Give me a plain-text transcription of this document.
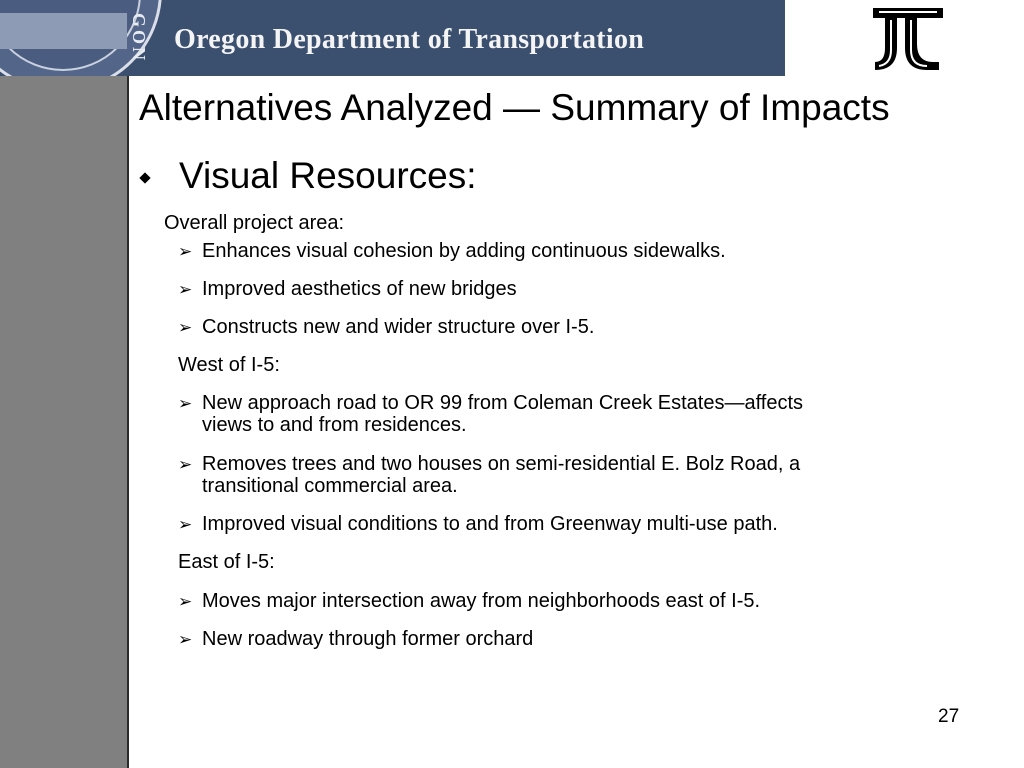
GON Oregon Department of Transportation
Alternatives Analyzed — Summary of Impacts
Visual Resources:
Overall project area:
➢ Enhances visual cohesion by adding continuous sidewalks.
➢ Improved aesthetics of new bridges
➢ Constructs new and wider structure over I-5.
West of I-5:
➢ New approach road to OR 99 from Coleman Creek Estates—affects
views to and from residences.
➢ Removes trees and two houses on semi-residential E. Bolz Road, a
transitional commercial area.
➢ Improved visual conditions to and from Greenway multi-use path.
East of I-5:
➢ Moves major intersection away from neighborhoods east of I-5.
➢ New roadway through former orchard
27
